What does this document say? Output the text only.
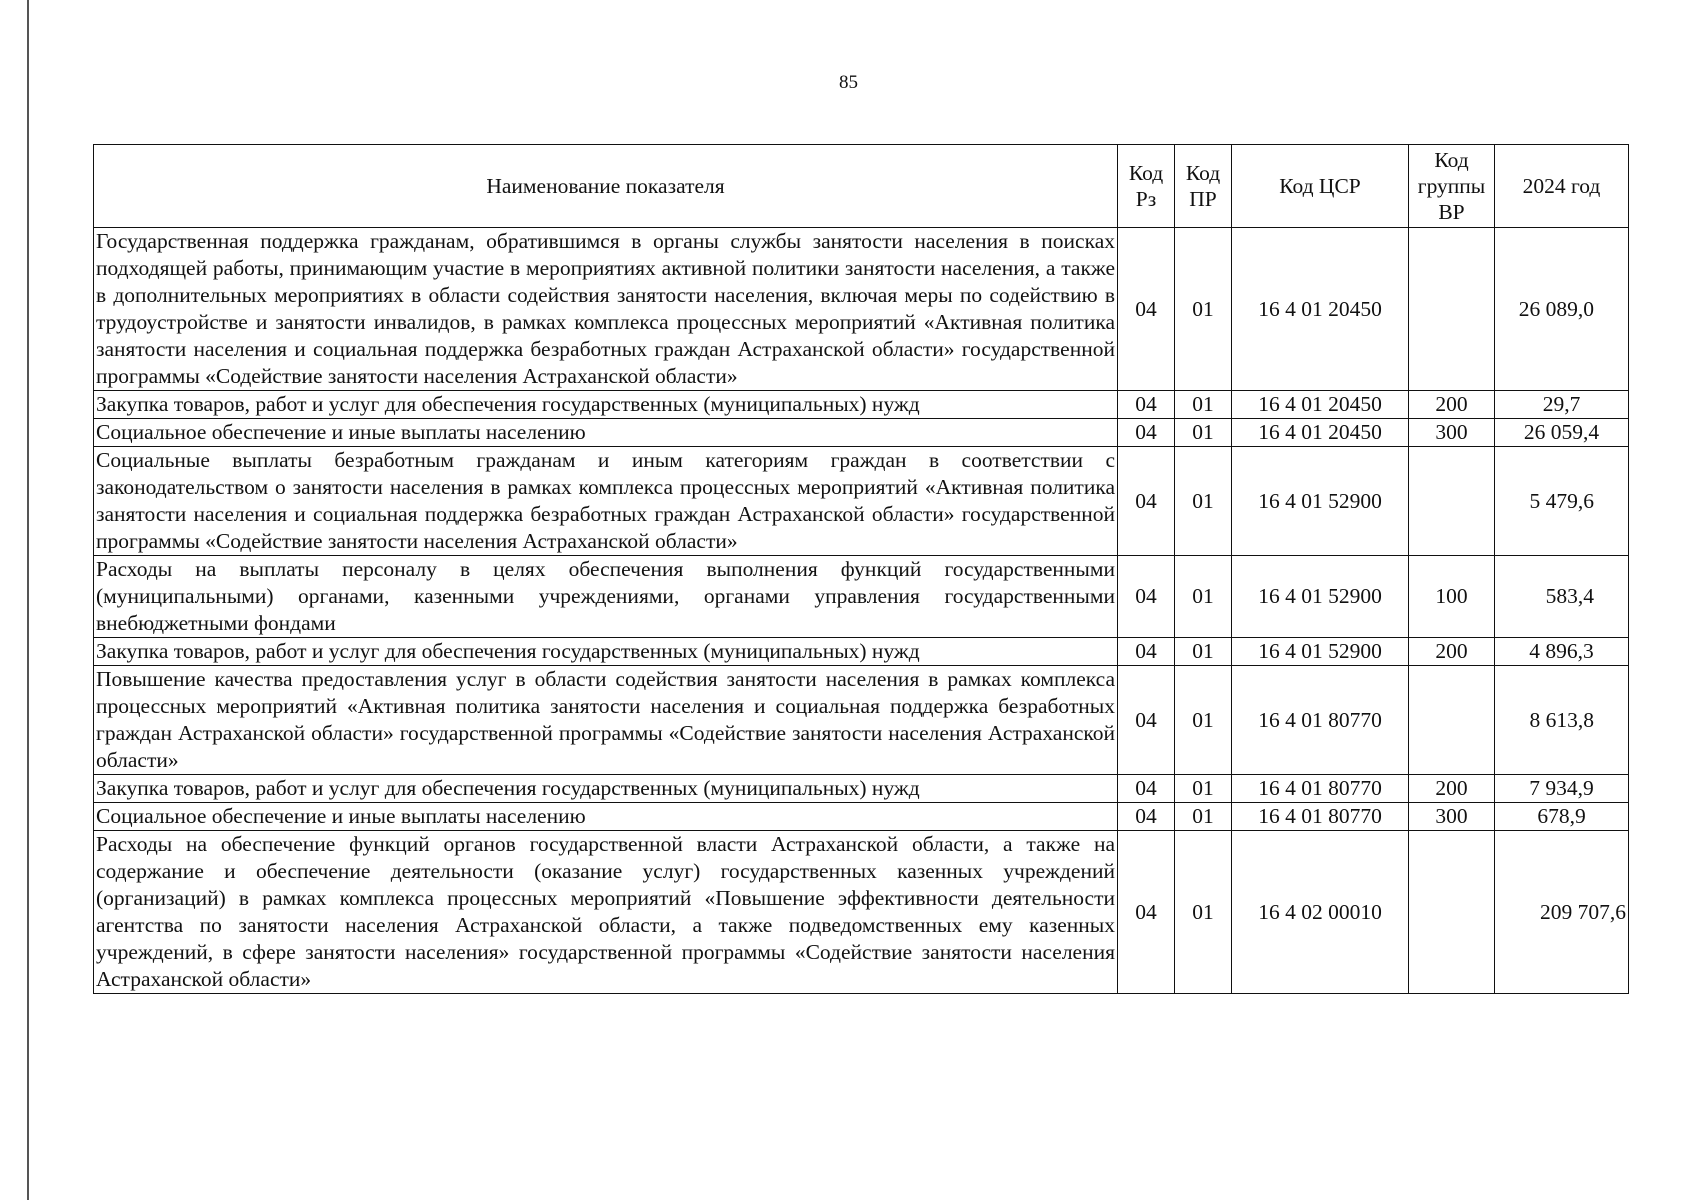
85
Наименование показателя	Код Рз	Код ПР	Код ЦСР	Код группы ВР	2024 год
Государственная поддержка гражданам, обратившимся в органы службы занятости населения в поисках подходящей работы, принимающим участие в мероприятиях активной политики занятости населения, а также в дополнительных мероприятиях в области содействия занятости населения, включая меры по содействию в трудоустройстве и занятости инвалидов, в рамках комплекса процессных мероприятий «Активная политика занятости населения и социальная поддержка безработных граждан Астраханской области» государственной программы «Содействие занятости населения Астраханской области»	04	01	16 4 01 20450		26 089,0
Закупка товаров, работ и услуг для обеспечения государственных (муниципальных) нужд	04	01	16 4 01 20450	200	29,7
Социальное обеспечение и иные выплаты населению	04	01	16 4 01 20450	300	26 059,4
Социальные выплаты безработным гражданам и иным категориям граждан в соответствии с законодательством о занятости населения в рамках комплекса процессных мероприятий «Активная политика занятости населения и социальная поддержка безработных граждан Астраханской области» государственной программы «Содействие занятости населения Астраханской области»	04	01	16 4 01 52900		5 479,6
Расходы на выплаты персоналу в целях обеспечения выполнения функций государственными (муниципальными) органами, казенными учреждениями, органами управления государственными внебюджетными фондами	04	01	16 4 01 52900	100	583,4
Закупка товаров, работ и услуг для обеспечения государственных (муниципальных) нужд	04	01	16 4 01 52900	200	4 896,3
Повышение качества предоставления услуг в области содействия занятости населения в рамках комплекса процессных мероприятий «Активная политика занятости населения и социальная поддержка безработных граждан Астраханской области» государственной программы «Содействие занятости населения Астраханской области»	04	01	16 4 01 80770		8 613,8
Закупка товаров, работ и услуг для обеспечения государственных (муниципальных) нужд	04	01	16 4 01 80770	200	7 934,9
Социальное обеспечение и иные выплаты населению	04	01	16 4 01 80770	300	678,9
Расходы на обеспечение функций органов государственной власти Астраханской области, а также на содержание и обеспечение деятельности (оказание услуг) государственных казенных учреждений (организаций) в рамках комплекса процессных мероприятий «Повышение эффективности деятельности агентства по занятости населения Астраханской области, а также подведомственных ему казенных учреждений, в сфере занятости населения» государственной программы «Содействие занятости населения Астраханской области»	04	01	16 4 02 00010		209 707,6
